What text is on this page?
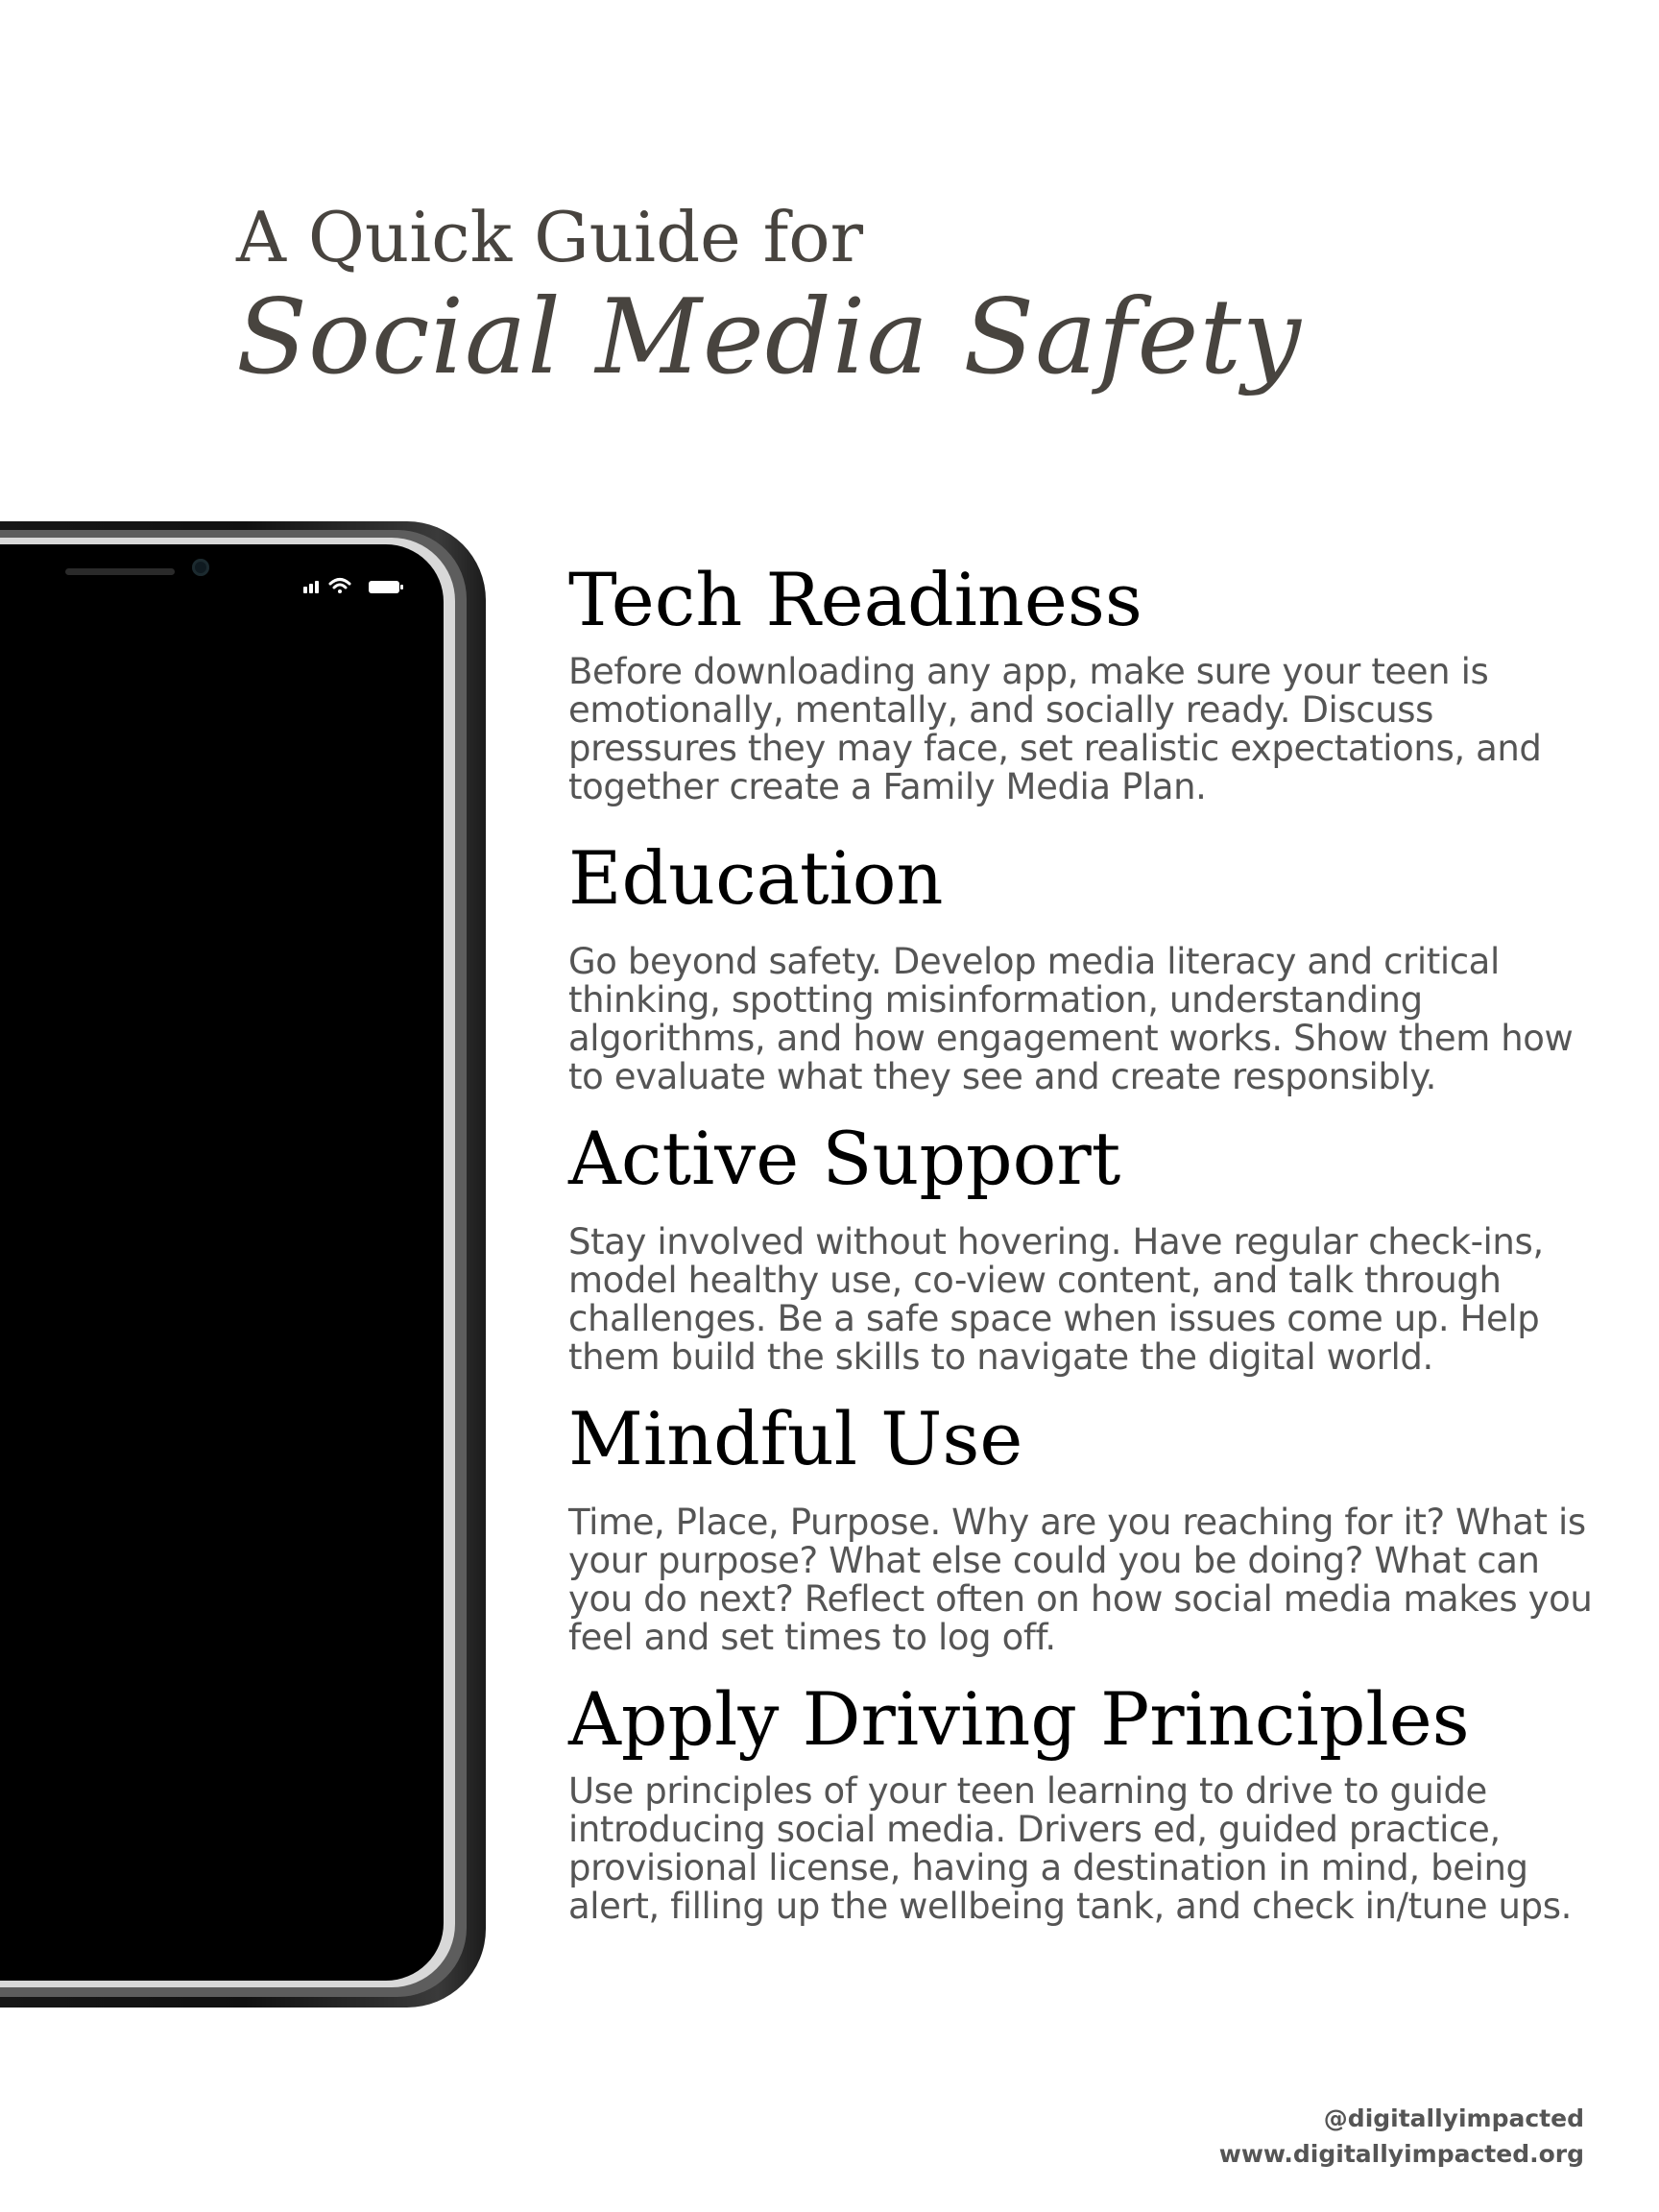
A Quick Guide for
Social Media Safety
Tech Readiness

Before downloading any app, make sure your teen is emotionally, mentally, and socially ready. Discuss pressures they may face, set realistic expectations, and together create a Family Media Plan.

Education

Go beyond safety. Develop media literacy and critical thinking, spotting misinformation, understanding algorithms, and how engagement works. Show them how to evaluate what they see and create responsibly.

Active Support

Stay involved without hovering. Have regular check-ins, model healthy use, co-view content, and talk through challenges. Be a safe space when issues come up. Help them build the skills to navigate the digital world.

Mindful Use

Time, Place, Purpose. Why are you reaching for it? What is your purpose? What else could you be doing? What can you do next? Reflect often on how social media makes you feel and set times to log off.

Apply Driving Principles

Use principles of your teen learning to drive to guide introducing social media. Drivers ed, guided practice, provisional license, having a destination in mind, being alert, filling up the wellbeing tank, and check in/tune ups.

@digitallyimpacted
www.digitallyimpacted.org
